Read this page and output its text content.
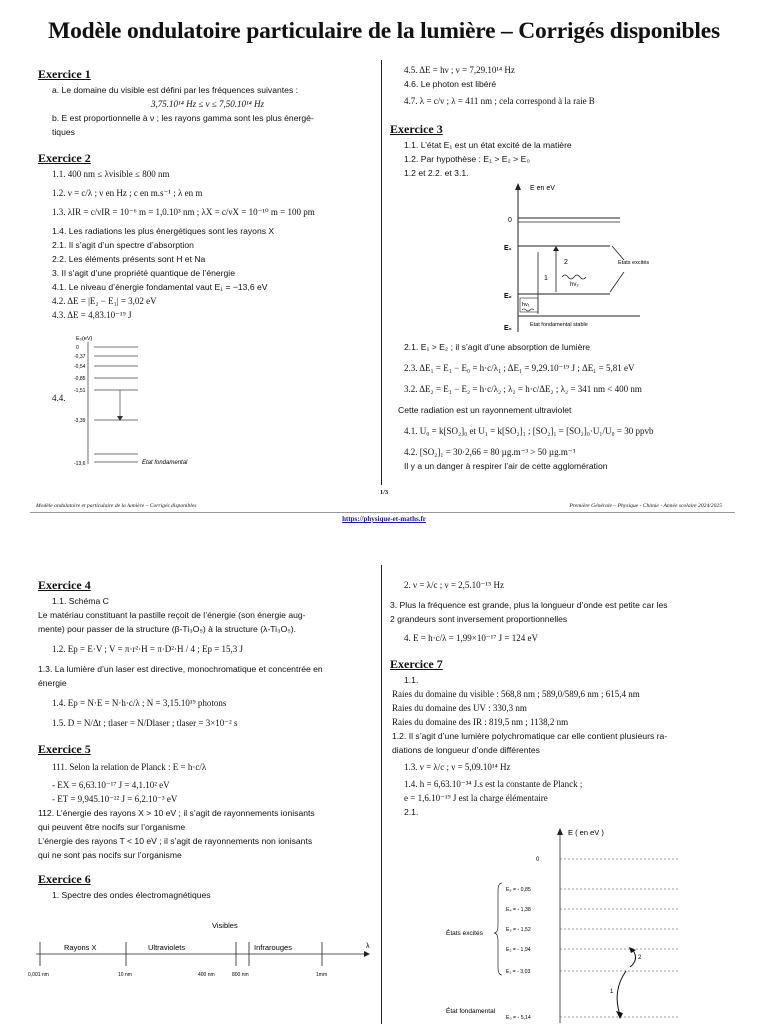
Modèle ondulatoire particulaire de la lumière – Corrigés disponibles
Exercice 1
a. Le domaine du visible est défini par les fréquences suivantes :
3,75.10¹⁴ Hz ≤ ν ≤ 7,50.10¹⁴ Hz
b. E est proportionnelle à ν ; les rayons gamma sont les plus énergé-
tiques
Exercice 2
1.1. 400 nm ≤ λvisible ≤ 800 nm
1.2. ν = c/λ ; ν en Hz ; c en m.s⁻¹ ; λ en m
1.3. λIR = c/νIR = 10⁻⁶ m = 1,0.10³ nm ; λX = c/νX = 10⁻¹⁰ m = 100 pm
1.4. Les radiations les plus énergétiques sont les rayons X
2.1. Il s’agit d’un spectre d’absorption
2.2. Les éléments présents sont H et Na
3. Il s’agit d’une propriété quantique de l’énergie
4.1. Le niveau d’énergie fondamental vaut E₁ = −13,6 eV
4.2. ΔE = |E₂ − E₁| = 3,02 eV
4.3. ΔE = 4,83.10⁻¹⁹ J
4.4.
E₀(eV)
0
-0,37
-0,54
-0,85
-1,51
-3,39
-13,6	Etat fondamental
4.5. ΔE = hν ; ν = 7,29.10¹⁴ Hz
4.6. Le photon est libéré
4.7. λ = c/ν ; λ = 411 nm ; cela correspond à la raie B
Exercice 3
1.1. L’état E₁ est un état excité de la matière
1.2. Par hypothèse : E₁ > E₂ > E₀
1.2 et 2.2. et 3.1.
E en eV
0
E₁
E₂
E₀
1
2
hv₂
hv₁
Etats excités
Etat fondamental stable
2.1. E₁ > E₂ ; il s’agit d’une absorption de lumière
2.3. ΔE₁ = E₁ − E₀ = h·c/λ₁ ; ΔE₁ = 9,29.10⁻¹⁹ J ; ΔE₁ = 5,81 eV
3.2. ΔE₂ = E₁ − E₂ = h·c/λ₂ ; λ₂ = h·c/ΔE₂ ; λ₂ = 341 nm < 400 nm
Cette radiation est un rayonnement ultraviolet
4.1. U₀ = k[SO₂]₀ et U₁ = k[SO₂]₁ ; [SO₂]₁ = [SO₂]₀·U₁/U₀ = 30 ppvb
4.2. [SO₂]₁ = 30·2,66 = 80 µg.m⁻³ > 50 µg.m⁻³
Il y a un danger à respirer l’air de cette agglomération
1/3
Modèle ondulatoire et particulaire de la lumière – Corrigés disponibles	Première Générale – Physique - Chimie - Année scolaire 2024/2025
https://physique-et-maths.fr
Exercice 4
1.1. Schéma C
Le matériau constituant la pastille reçoit de l’énergie (son énergie aug-
mente) pour passer de la structure (β-Ti₃O₅) à la structure (λ-Ti₃O₅).
1.2. Ep = E·V ; V = π·r²·H = π·D²·H / 4 ; Ep = 15,3 J
1.3. La lumière d’un laser est directive, monochromatique et concentrée en
énergie
1.4. Ep = N·E = N·h·c/λ ; N = 3,15.10¹⁹ photons
1.5. D = N/Δt ; tlaser = N/Dlaser ; tlaser = 3×10⁻² s
Exercice 5
111. Selon la relation de Planck : E = h·c/λ
- EX = 6,63.10⁻¹⁷ J = 4,1.10² eV
- ET = 9,945.10⁻²² J = 6,2.10⁻³ eV
112. L’énergie des rayons X > 10 eV ; il s’agit de rayonnements ionisants
qui peuvent être nocifs sur l’organisme
L’énergie des rayons T < 10 eV ; il s’agit de rayonnements non ionisants
qui ne sont pas nocifs sur l’organisme
Exercice 6
1. Spectre des ondes électromagnétiques
Visibles
λ
Rayons X	Ultraviolets	Infrarouges
0,001 nm	10 nm	400 nm	800 nm	1mm
2. ν = λ/c ; ν = 2,5.10⁻¹⁵ Hz
3. Plus la fréquence est grande, plus la longueur d’onde est petite car les
2 grandeurs sont inversement proportionnelles
4. E = h·c/λ = 1,99×10⁻¹⁷ J = 124 eV
Exercice 7
1.1.
Raies du domaine du visible : 568,8 nm ; 589,0/589,6 nm ; 615,4 nm
Raies du domaine des UV : 330,3 nm
Raies du domaine des IR : 819,5 nm ; 1138,2 nm
1.2. Il s’agit d’une lumière polychromatique car elle contient plusieurs ra-
diations de longueur d’onde différentes
1.3. ν = λ/c ; ν = 5,09.10¹⁴ Hz
1.4. h = 6,63.10⁻³⁴ J.s est la constante de Planck ;
e = 1,6.10⁻¹⁹ J est la charge élémentaire
2.1.
E ( en eV )
0
E₅ = - 0,85
E₄ = - 1,38
E₃ = - 1,52
E₂ = - 1,94
E₁ = - 3,03
E₀ = - 5,14
États excités
État fondamental
1
2
